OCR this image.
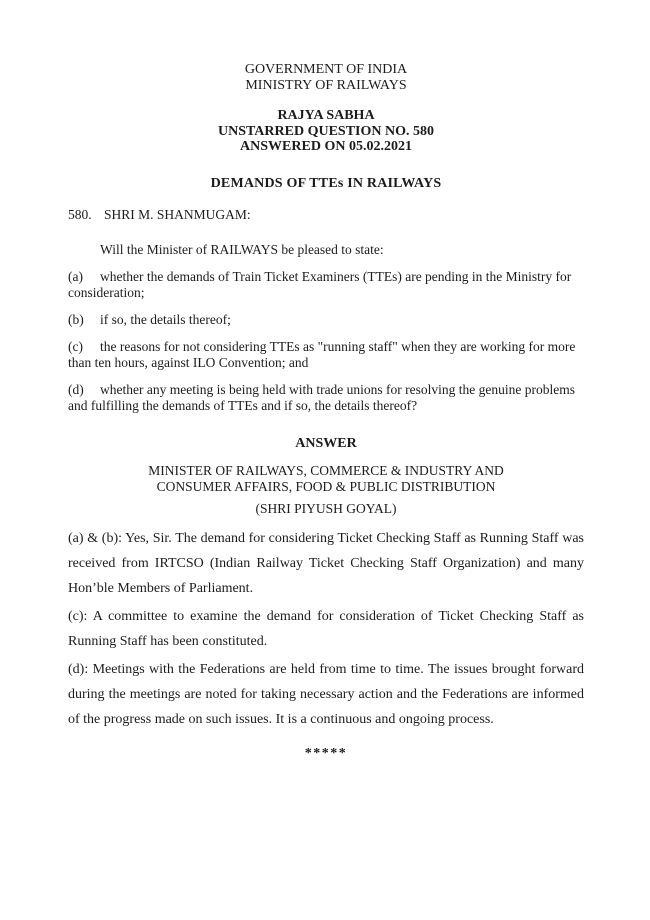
GOVERNMENT OF INDIA
MINISTRY OF RAILWAYS
RAJYA SABHA
UNSTARRED QUESTION NO. 580
ANSWERED ON 05.02.2021
DEMANDS OF TTEs IN RAILWAYS

580. SHRI M. SHANMUGAM:

Will the Minister of RAILWAYS be pleased to state:

(a) whether the demands of Train Ticket Examiners (TTEs) are pending in the Ministry for consideration;

(b) if so, the details thereof;

(c) the reasons for not considering TTEs as "running staff" when they are working for more than ten hours, against ILO Convention; and

(d) whether any meeting is being held with trade unions for resolving the genuine problems and fulfilling the demands of TTEs and if so, the details thereof?

ANSWER
MINISTER OF RAILWAYS, COMMERCE & INDUSTRY AND
CONSUMER AFFAIRS, FOOD & PUBLIC DISTRIBUTION
(SHRI PIYUSH GOYAL)

(a) & (b): Yes, Sir. The demand for considering Ticket Checking Staff as Running Staff was received from IRTCSO (Indian Railway Ticket Checking Staff Organization) and many Hon’ble Members of Parliament.

(c): A committee to examine the demand for consideration of Ticket Checking Staff as Running Staff has been constituted.

(d): Meetings with the Federations are held from time to time. The issues brought forward during the meetings are noted for taking necessary action and the Federations are informed of the progress made on such issues. It is a continuous and ongoing process.

*****
